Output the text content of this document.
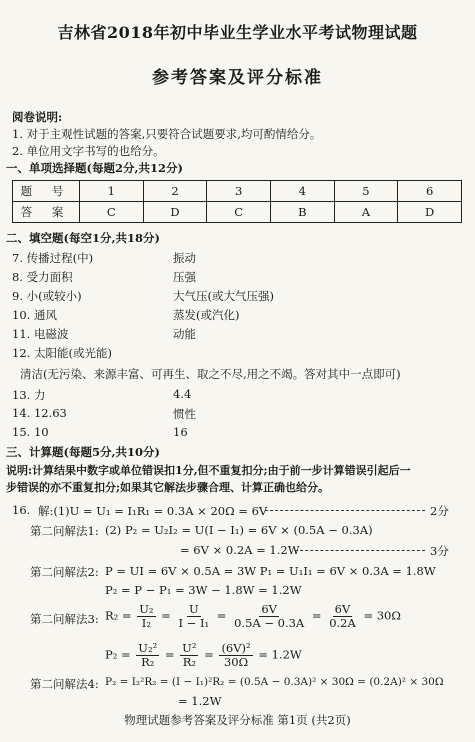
吉林省2018年初中毕业生学业水平考试物理试题
参考答案及评分标准
阅卷说明:
1. 对于主观性试题的答案,只要符合试题要求,均可酌情给分。
2. 单位用文字书写的也给分。
一、单项选择题(每题2分,共12分)
题 号	1	2	3	4	5	6
答 案	C	D	C	B	A	D
二、填空题(每空1分,共18分)
7. 传播过程(中)	振动
8. 受力面积	压强
9. 小(或较小)	大气压(或大气压强)
10. 通风	蒸发(或汽化)
11. 电磁波	动能
12. 太阳能(或光能)
清洁(无污染、来源丰富、可再生、取之不尽,用之不竭。答对其中一点即可)
13. 力	4.4
14. 12.63	惯性
15. 10	16
三、计算题(每题5分,共10分)
说明:计算结果中数字或单位错误扣1分,但不重复扣分;由于前一步计算错误引起后一
步错误的亦不重复扣分;如果其它解法步骤合理、计算正确也给分。
16. 解:(1)U = U₁ = I₁R₁ = 0.3A × 20Ω = 6V	2分
第二问解法1: (2) P₂ = U₂I₂ = U(I − I₁) = 6V × (0.5A − 0.3A)
= 6V × 0.2A = 1.2W	3分
第二问解法2: P = UI = 6V × 0.5A = 3W P₁ = U₁I₁ = 6V × 0.3A = 1.8W
P₂ = P − P₁ = 3W − 1.8W = 1.2W
第二问解法3: $R_2 = \frac{\text{U₂}}{\text{I₂}} = \frac{U}{\text{I − I₁}} = \frac{6V}{0.5A - 0.3A} = \frac{6V}{0.2A} = 30\Omega$
$P_2 = \frac{\text{U₂²}}{\text{R₂}} = \frac{\text{U²}}{\text{R₂}} = \frac{\text{(6V)²}}{30\Omega} = 1.2W$
第二问解法4: P₂ = I₂²R₂ = (I − I₁)²R₂ = (0.5A − 0.3A)² × 30Ω = (0.2A)² × 30Ω
= 1.2W
物理试题参考答案及评分标准 第1页 (共2页)
